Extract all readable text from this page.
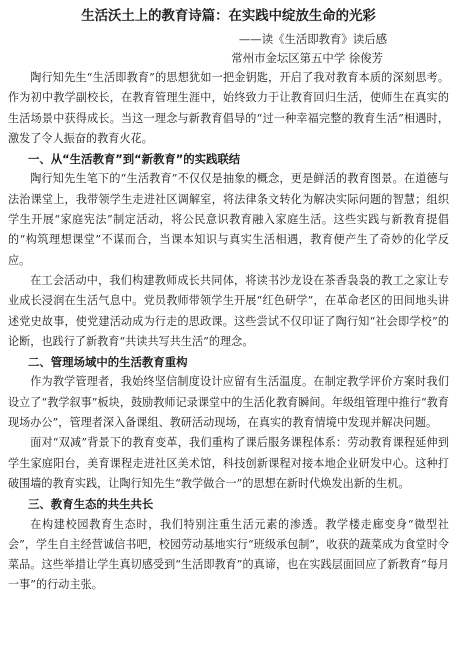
生活沃土上的教育诗篇：在实践中绽放生命的光彩
——读《生活即教育》读后感
常州市金坛区第五中学 徐俊芳

陶行知先生“生活即教育”的思想犹如一把金钥匙，开启了我对教育本质的深刻思考。作为初中教学副校长，在教育管理生涯中，始终致力于让教育回归生活，使师生在真实的生活场景中获得成长。当这一理念与新教育倡导的“过一种幸福完整的教育生活”相遇时，激发了令人振奋的教育火花。

一、从“生活教育”到“新教育”的实践联结

陶行知先生笔下的“生活教育”不仅仅是抽象的概念，更是鲜活的教育图景。在道德与法治课堂上，我带领学生走进社区调解室，将法律条文转化为解决实际问题的智慧；组织学生开展“家庭宪法”制定活动，将公民意识教育融入家庭生活。这些实践与新教育提倡的“构筑理想课堂”不谋而合，当课本知识与真实生活相遇，教育便产生了奇妙的化学反应。

在工会活动中，我们构建教师成长共同体，将读书沙龙设在茶香袅袅的教工之家让专业成长浸润在生活气息中。党员教师带领学生开展“红色研学”，在革命老区的田间地头讲述党史故事，使党建活动成为行走的思政课。这些尝试不仅印证了陶行知“社会即学校”的论断，也践行了新教育“共读共写共生活”的理念。

二、管理场域中的生活教育重构

作为教学管理者，我始终坚信制度设计应留有生活温度。在制定教学评价方案时我们设立了“教学叙事”板块，鼓励教师记录课堂中的生活化教育瞬间。年级组管理中推行“教育现场办公”，管理者深入备课组、教研活动现场，在真实的教育情境中发现并解决问题。

面对“双减”背景下的教育变革，我们重构了课后服务课程体系：劳动教育课程延伸到学生家庭阳台，美育课程走进社区美术馆，科技创新课程对接本地企业研发中心。这种打破围墙的教育实践，让陶行知先生“教学做合一”的思想在新时代焕发出新的生机。

三、教育生态的共生共长

在构建校园教育生态时，我们特别注重生活元素的渗透。教学楼走廊变身“微型社会”，学生自主经营诚信书吧，校园劳动基地实行“班级承包制”，收获的蔬菜成为食堂时令菜品。这些举措让学生真切感受到“生活即教育”的真谛，也在实践层面回应了新教育“每月一事”的行动主张。
